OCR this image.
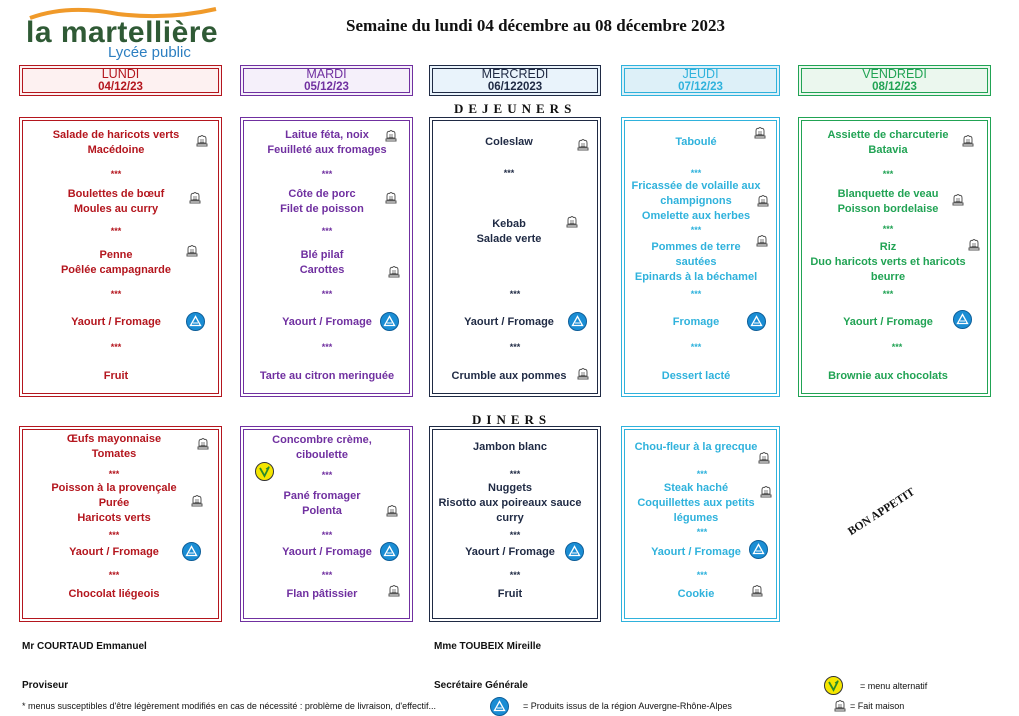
la martellière
Lycée public
Semaine du lundi 04 décembre au 08 décembre 2023
LUNDI
04/12/23
MARDI
05/12/23
MERCREDI
06/122023
JEUDI
07/12/23
VENDREDI
08/12/23
DEJEUNERS
Salade de haricots verts
Macédoine
***
Boulettes de bœuf
Moules au curry
***
Penne
Poêlée campagnarde
***
Yaourt / Fromage
***
Fruit
Laitue féta, noix
Feuilleté aux fromages
***
Côte de porc
Filet de poisson
***
Blé pilaf
Carottes
***
Yaourt / Fromage
***
Tarte au citron meringuée
Coleslaw
***
Kebab
Salade verte
***
Yaourt / Fromage
***
Crumble aux pommes
Taboulé
***
Fricassée de volaille aux
champignons
Omelette aux herbes
***
Pommes de terre
sautées
Epinards à la béchamel
***
Fromage
***
Dessert lacté
Assiette de charcuterie
Batavia
***
Blanquette de veau
Poisson bordelaise
***
Riz
Duo haricots verts et haricots
beurre
***
Yaourt / Fromage
***
Brownie aux chocolats
DINERS
Œufs mayonnaise
Tomates
***
Poisson à la provençale
Purée
Haricots verts
***
Yaourt / Fromage
***
Chocolat liégeois
Concombre crème,
ciboulette
***
Pané fromager
Polenta
***
Yaourt / Fromage
***
Flan pâtissier
Jambon blanc
***
Nuggets
Risotto aux poireaux sauce
curry
***
Yaourt / Fromage
***
Fruit
Chou-fleur à la grecque
***
Steak haché
Coquillettes aux petits
légumes
***
Yaourt / Fromage
***
Cookie
BON APPETIT
Mr COURTAUD Emmanuel	Mme TOUBEIX Mireille
Proviseur	Secrétaire Générale	= menu alternatif
* menus susceptibles d'être légèrement modifiés en cas de nécessité : problème de livraison, d'effectif...	= Produits issus de la région Auvergne-Rhône-Alpes	= Fait maison
